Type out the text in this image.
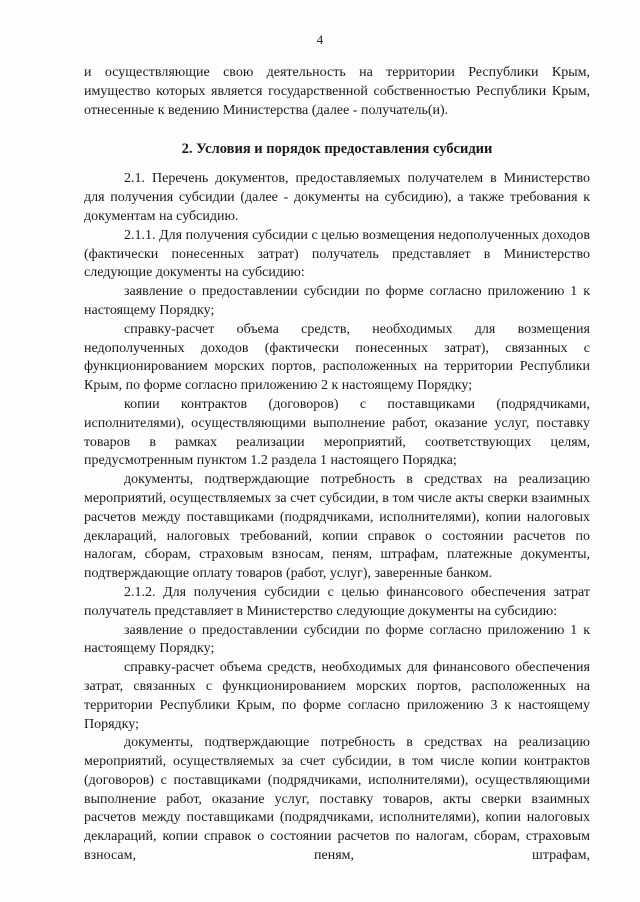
4

и осуществляющие свою деятельность на территории Республики Крым, имущество которых является государственной собственностью Республики Крым, отнесенные к ведению Министерства (далее - получатель(и).

2. Условия и порядок предоставления субсидии

2.1. Перечень документов, предоставляемых получателем в Министерство для получения субсидии (далее - документы на субсидию), а также требования к документам на субсидию.

2.1.1. Для получения субсидии с целью возмещения недополученных доходов (фактически понесенных затрат) получатель представляет в Министерство следующие документы на субсидию:

заявление о предоставлении субсидии по форме согласно приложению 1 к настоящему Порядку;

справку-расчет объема средств, необходимых для возмещения недополученных доходов (фактически понесенных затрат), связанных с функционированием морских портов, расположенных на территории Республики Крым, по форме согласно приложению 2 к настоящему Порядку;

копии контрактов (договоров) с поставщиками (подрядчиками, исполнителями), осуществляющими выполнение работ, оказание услуг, поставку товаров в рамках реализации мероприятий, соответствующих целям, предусмотренным пунктом 1.2 раздела 1 настоящего Порядка;

документы, подтверждающие потребность в средствах на реализацию мероприятий, осуществляемых за счет субсидии, в том числе акты сверки взаимных расчетов между поставщиками (подрядчиками, исполнителями), копии налоговых деклараций, налоговых требований, копии справок о состоянии расчетов по налогам, сборам, страховым взносам, пеням, штрафам, платежные документы, подтверждающие оплату товаров (работ, услуг), заверенные банком.

2.1.2. Для получения субсидии с целью финансового обеспечения затрат получатель представляет в Министерство следующие документы на субсидию:

заявление о предоставлении субсидии по форме согласно приложению 1 к настоящему Порядку;

справку-расчет объема средств, необходимых для финансового обеспечения затрат, связанных с функционированием морских портов, расположенных на территории Республики Крым, по форме согласно приложению 3 к настоящему Порядку;

документы, подтверждающие потребность в средствах на реализацию мероприятий, осуществляемых за счет субсидии, в том числе копии контрактов (договоров) с поставщиками (подрядчиками, исполнителями), осуществляющими выполнение работ, оказание услуг, поставку товаров, акты сверки взаимных расчетов между поставщиками (подрядчиками, исполнителями), копии налоговых деклараций, копии справок о состоянии расчетов по налогам, сборам, страховым взносам, пеням, штрафам,
